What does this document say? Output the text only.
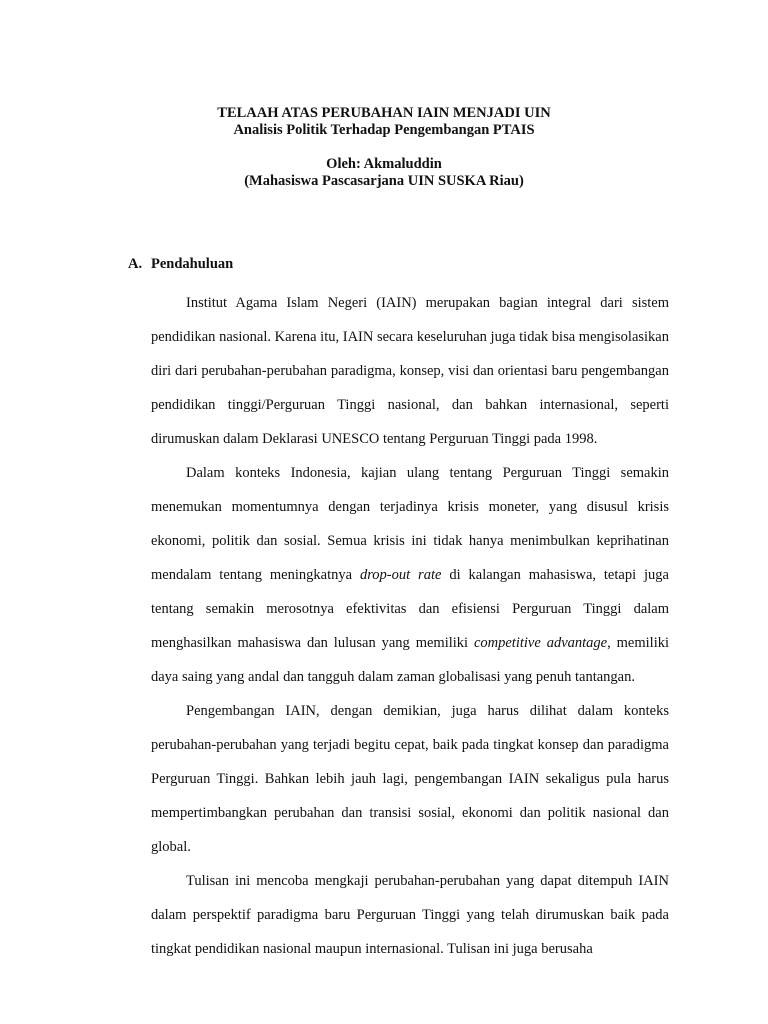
TELAAH ATAS PERUBAHAN IAIN MENJADI UIN
Analisis Politik Terhadap Pengembangan PTAIS
Oleh: Akmaluddin
(Mahasiswa Pascasarjana UIN SUSKA Riau)
A. Pendahuluan

Institut Agama Islam Negeri (IAIN) merupakan bagian integral dari sistem pendidikan nasional. Karena itu, IAIN secara keseluruhan juga tidak bisa mengisolasikan diri dari perubahan-perubahan paradigma, konsep, visi dan orientasi baru pengembangan pendidikan tinggi/Perguruan Tinggi nasional, dan bahkan internasional, seperti dirumuskan dalam Deklarasi UNESCO tentang Perguruan Tinggi pada 1998.

Dalam konteks Indonesia, kajian ulang tentang Perguruan Tinggi semakin menemukan momentumnya dengan terjadinya krisis moneter, yang disusul krisis ekonomi, politik dan sosial. Semua krisis ini tidak hanya menimbulkan keprihatinan mendalam tentang meningkatnya drop-out rate di kalangan mahasiswa, tetapi juga tentang semakin merosotnya efektivitas dan efisiensi Perguruan Tinggi dalam menghasilkan mahasiswa dan lulusan yang memiliki competitive advantage, memiliki daya saing yang andal dan tangguh dalam zaman globalisasi yang penuh tantangan.

Pengembangan IAIN, dengan demikian, juga harus dilihat dalam konteks perubahan-perubahan yang terjadi begitu cepat, baik pada tingkat konsep dan paradigma Perguruan Tinggi. Bahkan lebih jauh lagi, pengembangan IAIN sekaligus pula harus mempertimbangkan perubahan dan transisi sosial, ekonomi dan politik nasional dan global.

Tulisan ini mencoba mengkaji perubahan-perubahan yang dapat ditempuh IAIN dalam perspektif paradigma baru Perguruan Tinggi yang telah dirumuskan baik pada tingkat pendidikan nasional maupun internasional. Tulisan ini juga berusaha
